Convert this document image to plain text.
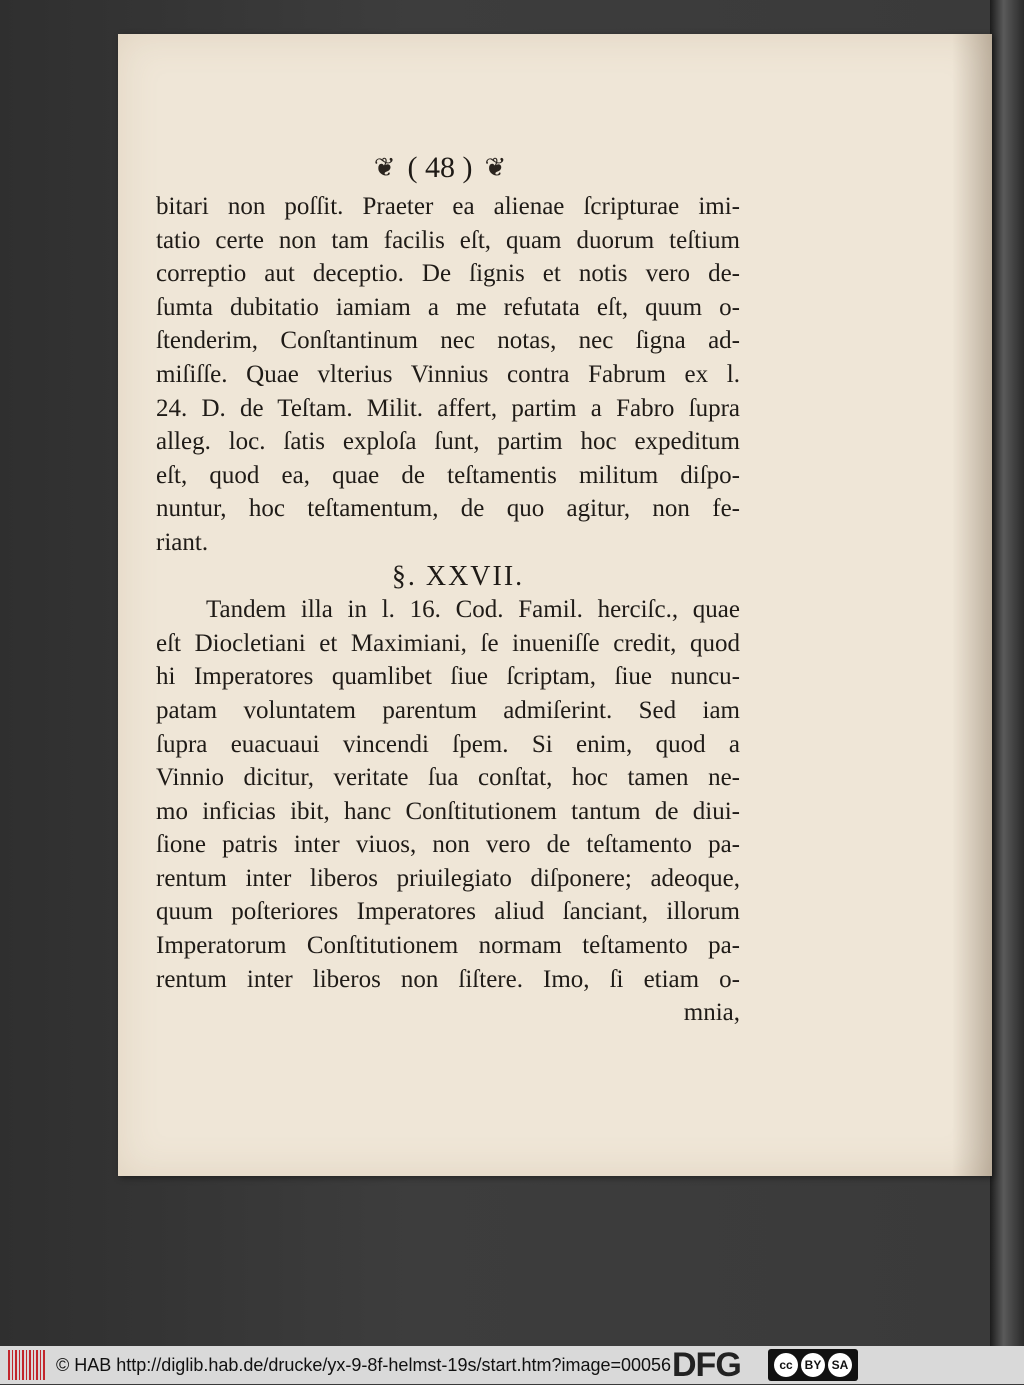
❦ ( 48 ) ❦
bitari non poſſit. Praeter ea alienae ſcripturae imi-
tatio certe non tam facilis eſt, quam duorum teſtium
correptio aut deceptio. De ſignis et notis vero de-
ſumta dubitatio iamiam a me refutata eſt, quum o-
ſtenderim, Conſtantinum nec notas, nec ſigna ad-
miſiſſe. Quae vlterius Vinnius contra Fabrum ex l.
24. D. de Teſtam. Milit. affert, partim a Fabro ſupra
alleg. loc. ſatis exploſa ſunt, partim hoc expeditum
eſt, quod ea, quae de teſtamentis militum diſpo-
nuntur, hoc teſtamentum, de quo agitur, non fe-
riant.
§. XXVII.
Tandem illa in l. 16. Cod. Famil. herciſc., quae
eſt Diocletiani et Maximiani, ſe inueniſſe credit, quod
hi Imperatores quamlibet ſiue ſcriptam, ſiue nuncu-
patam voluntatem parentum admiſerint. Sed iam
ſupra euacuaui vincendi ſpem. Si enim, quod a
Vinnio dicitur, veritate ſua conſtat, hoc tamen ne-
mo inficias ibit, hanc Conſtitutionem tantum de diui-
ſione patris inter viuos, non vero de teſtamento pa-
rentum inter liberos priuilegiato diſponere; adeoque,
quum poſteriores Imperatores aliud ſanciant, illorum
Imperatorum Conſtitutionem normam teſtamento pa-
rentum inter liberos non ſiſtere. Imo, ſi etiam o-
mnia,
© HAB http://diglib.hab.de/drucke/yx-9-8f-helmst-19s/start.htm?image=00056 DFG	cc BY SA
